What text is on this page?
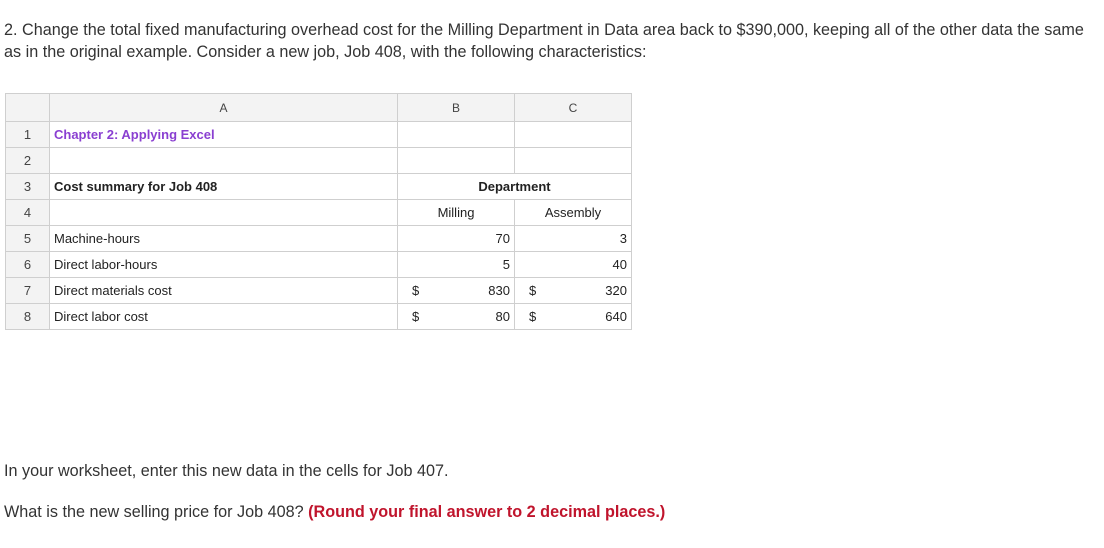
2. Change the total fixed manufacturing overhead cost for the Milling Department in Data area back to $390,000, keeping all of the other data the same as in the original example. Consider a new job, Job 408, with the following characteristics:

	A	B	C
1	Chapter 2: Applying Excel		
2			
3	Cost summary for Job 408	Department	
4		Milling	Assembly
5	Machine-hours	70	3
6	Direct labor-hours	5	40
7	Direct materials cost	$ 830	$ 320

8	Direct labor cost	$ 80	$ 640

In your worksheet, enter this new data in the cells for Job 407.

What is the new selling price for Job 408? (Round your final answer to 2 decimal places.)
